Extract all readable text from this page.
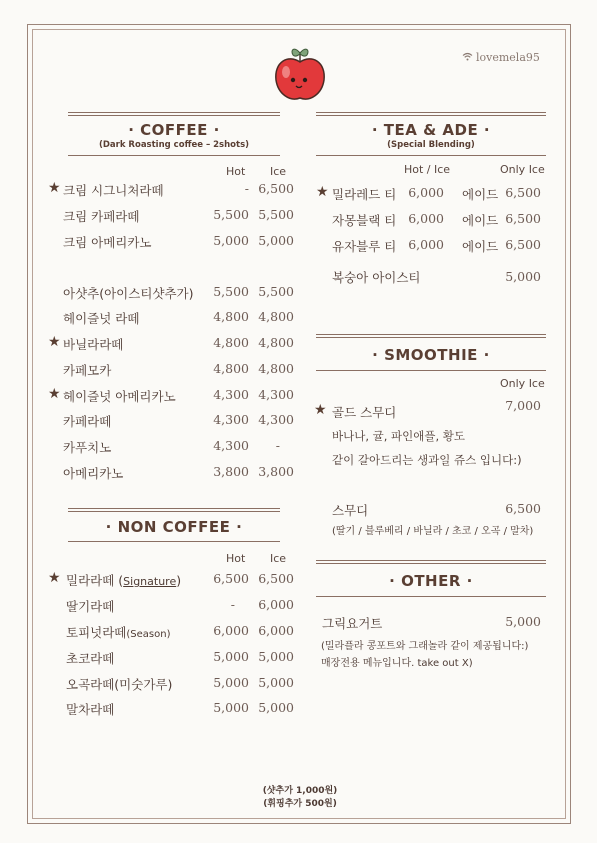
lovemela95
· COFFEE ·
(Dark Roasting coffee – 2shots)
Hot Ice
★ 크림 시그니처라떼	- 6,500
크림 카페라떼	5,500 5,500
크림 아메리카노	5,000 5,000
아샷추(아이스티샷추가)	5,500 5,500
헤이즐넛 라떼	4,800 4,800
★ 바닐라라떼	4,800 4,800
카페모카	4,800 4,800
★ 헤이즐넛 아메리카노	4,300 4,300
카페라떼	4,300 4,300
카푸치노	4,300	-
아메리카노	3,800 3,800
· NON COFFEE ·
Hot Ice
★ 밀라라떼 (Signature)	6,500 6,500
딸기라떼	-	6,000
토피넛라떼(Season)	6,000 6,000
초코라떼	5,000 5,000
오곡라떼(미숫가루)	5,000 5,000
말차라떼	5,000 5,000
· TEA & ADE ·
(Special Blending)
Hot / Ice	Only Ice
★ 밀라레드 티 6,000 에이드 6,500
자몽블랙 티 6,000 에이드 6,500
유자블루 티 6,000 에이드 6,500
복숭아 아이스티	5,000
· SMOOTHIE ·
Only Ice
★ 골드 스무디	7,000
바나나, 귤, 파인애플, 황도
같이 갈아드리는 생과일 쥬스 입니다:)
스무디	6,500
(딸기 / 블루베리 / 바닐라 / 초코 / 오곡 / 말차)
· OTHER ·
그릭요거트	5,000
(밀라플라 콩포트와 그래놀라 같이 제공됩니다:)
매장전용 메뉴입니다. take out X)
(샷추가 1,000원)
(휘핑추가 500원)
